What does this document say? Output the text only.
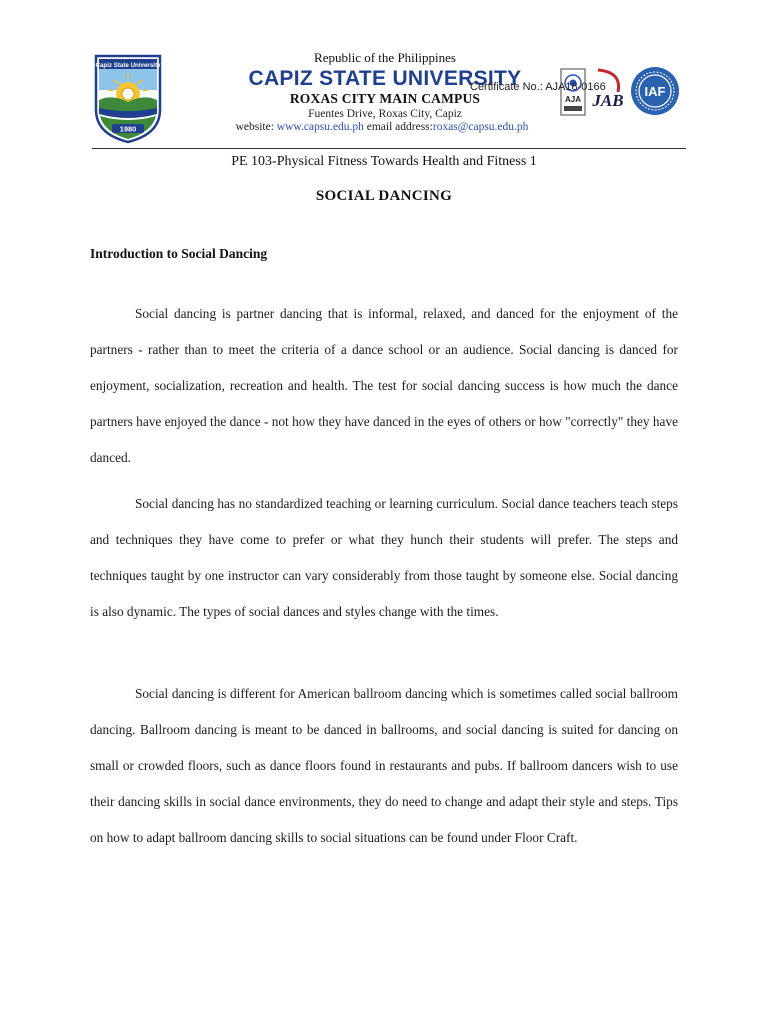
Capiz State University
1980
Republic of the Philippines
CAPIZ STATE UNIVERSITY
ROXAS CITY MAIN CAMPUS
Fuentes Drive, Roxas City, Capiz
website: www.capsu.edu.ph email address:roxas@capsu.edu.ph
AJA JAB IAF
Certificate No.: AJA18-0166
PE 103-Physical Fitness Towards Health and Fitness 1
SOCIAL DANCING
Introduction to Social Dancing

Social dancing is partner dancing that is informal, relaxed, and danced for the enjoyment of the partners - rather than to meet the criteria of a dance school or an audience. Social dancing is danced for enjoyment, socialization, recreation and health. The test for social dancing success is how much the dance partners have enjoyed the dance - not how they have danced in the eyes of others or how "correctly" they have danced.

Social dancing has no standardized teaching or learning curriculum. Social dance teachers teach steps and techniques they have come to prefer or what they hunch their students will prefer. The steps and techniques taught by one instructor can vary considerably from those taught by someone else. Social dancing is also dynamic. The types of social dances and styles change with the times.

Social dancing is different for American ballroom dancing which is sometimes called social ballroom dancing. Ballroom dancing is meant to be danced in ballrooms, and social dancing is suited for dancing on small or crowded floors, such as dance floors found in restaurants and pubs. If ballroom dancers wish to use their dancing skills in social dance environments, they do need to change and adapt their style and steps. Tips on how to adapt ballroom dancing skills to social situations can be found under Floor Craft.
